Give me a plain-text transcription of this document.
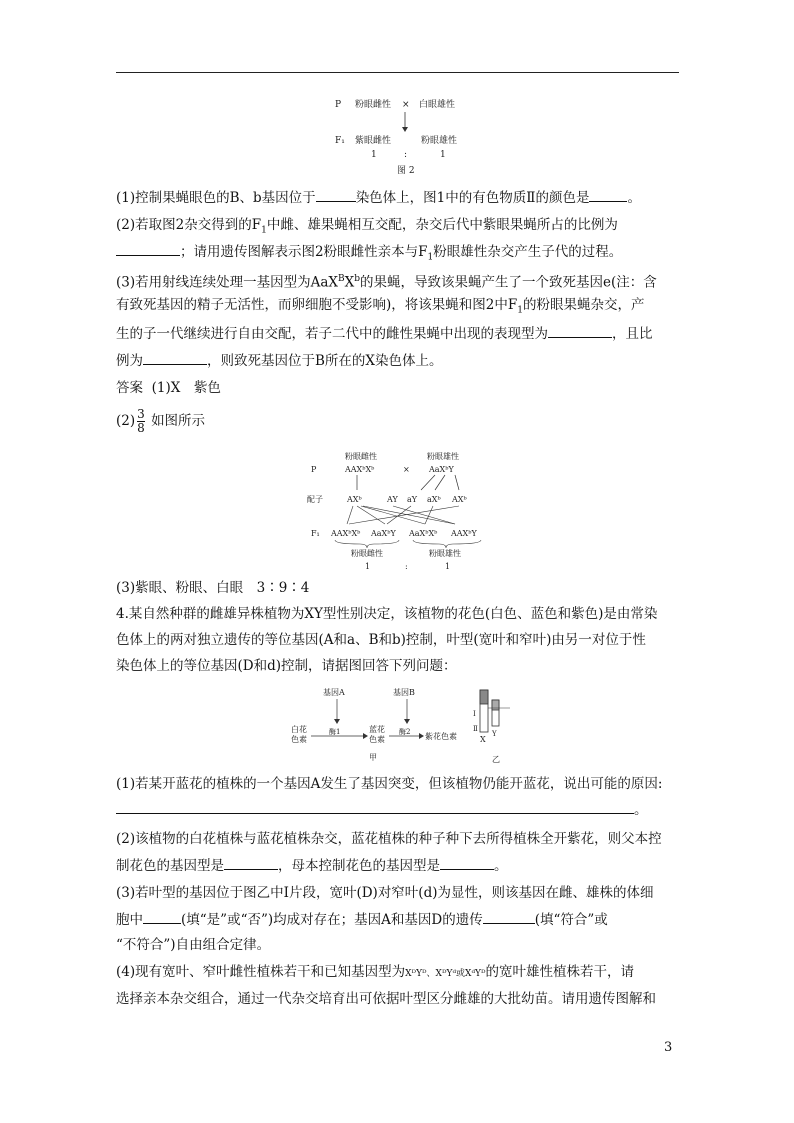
P 粉眼雌性 × 白眼雄性
F₁ 紫眼雌性	粉眼雄性
1	:	1
图 2
(1)控制果蝇眼色的B、b基因位于	染色体上，图1中的有色物质Ⅱ的颜色是	。
(2)若取图2杂交得到的$F_1$中雌、雄果蝇相互交配，杂交后代中紫眼果蝇所占的比例为
；请用遗传图解表示图2粉眼雌性亲本与$F_1$粉眼雄性杂交产生子代的过程。
(3)若用射线连续处理一基因型为$AaX^BX^b$的果蝇，导致该果蝇产生了一个致死基因e(注：含
有致死基因的精子无活性，而卵细胞不受影响)，将该果蝇和图2中$F_1$的粉眼果蝇杂交，产
生的子一代继续进行自由交配，若子二代中的雌性果蝇中出现的表现型为	，且比
例为	，则致死基因位于B所在的X染色体上。
答案 (1)X　紫色
$(2) \frac{3}{8}$ 如图所示
粉眼雌性	粉眼雄性
P	AAXᵇXᵇ	× AaXᵇY
配子	AXᵇ	AY aY aXᵇ AXᵇ
F₁ AAXᵇXᵇ AaXᵇY AaXᵇXᵇ AAXᵇY
粉眼雌性	粉眼雄性
1	:	1
(3)紫眼、粉眼、白眼　3∶9∶4
4.某自然种群的雌雄异株植物为XY型性别决定，该植物的花色(白色、蓝色和紫色)是由常染
色体上的两对独立遗传的等位基因(A和a、B和b)控制，叶型(宽叶和窄叶)由另一对位于性
染色体上的等位基因(D和d)控制，请据图回答下列问题：
基因A	基因B
白花
色素
酶1	蓝花
色素
酶2 紫花色素
甲
Ⅰ
Ⅱ
X
Y
乙
(1)若某开蓝花的植株的一个基因A发生了基因突变，但该植物仍能开蓝花，说出可能的原因:
。
(2)该植物的白花植株与蓝花植株杂交，蓝花植株的种子种下去所得植株全开紫花，则父本控
制花色的基因型是	，母本控制花色的基因型是	。
(3)若叶型的基因位于图乙中Ⅰ片段，宽叶(D)对窄叶(d)为显性，则该基因在雌、雄株的体细
胞中	(填“是”或“否”)均成对存在；基因A和基因D的遗传	(填“符合”或
“不符合”)自由组合定律。
(4)现有宽叶、窄叶雌性植株若干和已知基因型为XᴰYᴰ、XᴰYᵈ或XᵈYᴰ的宽叶雄性植株若干，请
选择亲本杂交组合，通过一代杂交培育出可依据叶型区分雌雄的大批幼苗。请用遗传图解和
3
